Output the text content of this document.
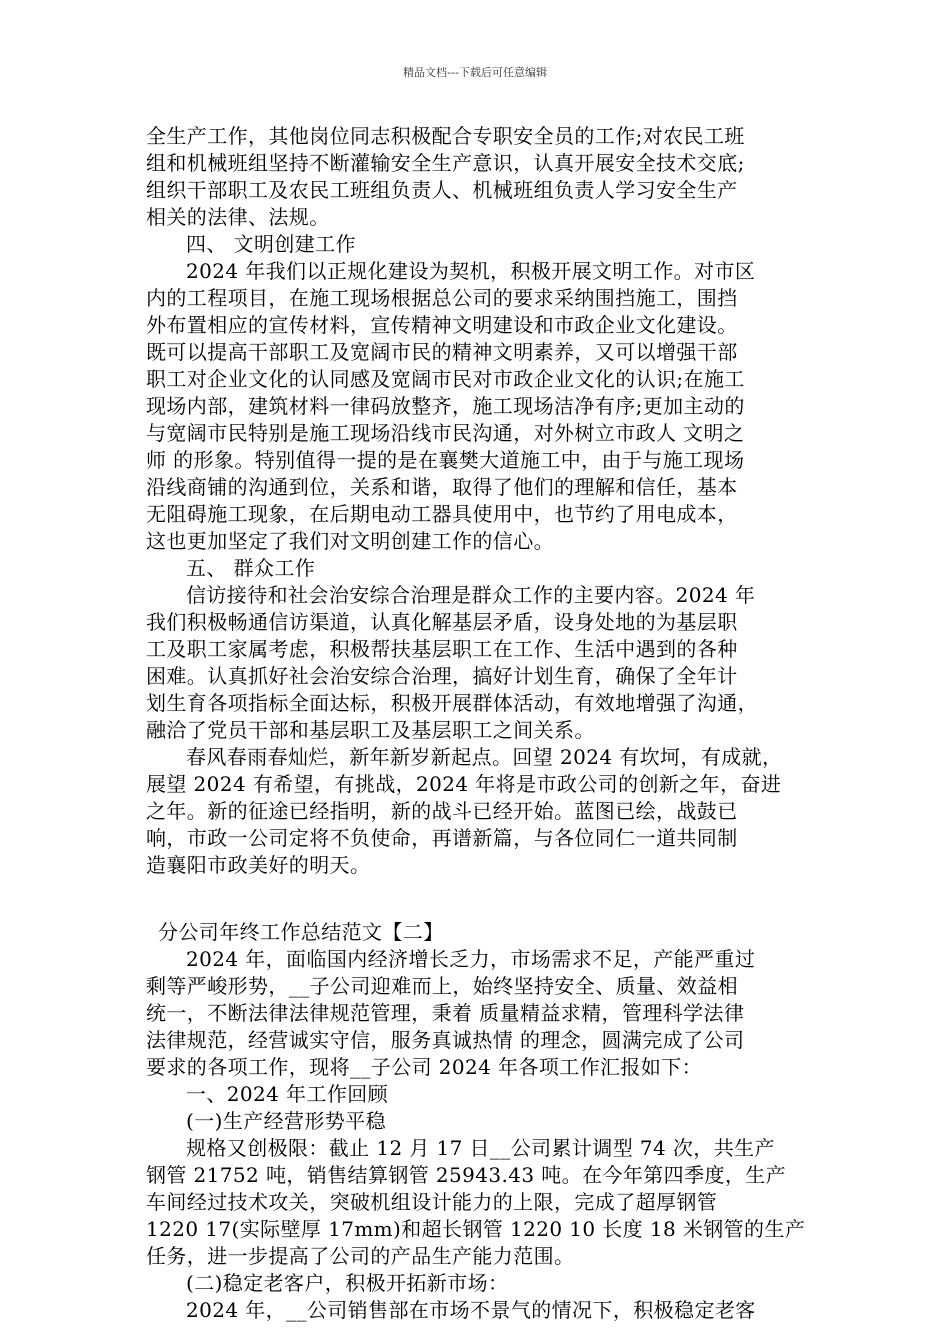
精品文档---下载后可任意编辑
全生产工作，其他岗位同志积极配合专职安全员的工作;对农民工班
组和机械班组坚持不断灌输安全生产意识，认真开展安全技术交底;
组织干部职工及农民工班组负责人、机械班组负责人学习安全生产
相关的法律、法规。
四、 文明创建工作
2024 年我们以正规化建设为契机，积极开展文明工作。对市区
内的工程项目，在施工现场根据总公司的要求采纳围挡施工，围挡
外布置相应的宣传材料，宣传精神文明建设和市政企业文化建设。
既可以提高干部职工及宽阔市民的精神文明素养，又可以增强干部
职工对企业文化的认同感及宽阔市民对市政企业文化的认识;在施工
现场内部，建筑材料一律码放整齐，施工现场洁净有序;更加主动的
与宽阔市民特别是施工现场沿线市民沟通，对外树立市政人 文明之
师 的形象。特别值得一提的是在襄樊大道施工中，由于与施工现场
沿线商铺的沟通到位，关系和谐，取得了他们的理解和信任，基本
无阻碍施工现象，在后期电动工器具使用中，也节约了用电成本，
这也更加坚定了我们对文明创建工作的信心。
五、 群众工作
信访接待和社会治安综合治理是群众工作的主要内容。2024 年
我们积极畅通信访渠道，认真化解基层矛盾，设身处地的为基层职
工及职工家属考虑，积极帮扶基层职工在工作、生活中遇到的各种
困难。认真抓好社会治安综合治理，搞好计划生育，确保了全年计
划生育各项指标全面达标，积极开展群体活动，有效地增强了沟通，
融洽了党员干部和基层职工及基层职工之间关系。
春风春雨春灿烂，新年新岁新起点。回望 2024 有坎坷，有成就，
展望 2024 有希望，有挑战，2024 年将是市政公司的创新之年，奋进
之年。新的征途已经指明，新的战斗已经开始。蓝图已绘，战鼓已
响，市政一公司定将不负使命，再谱新篇，与各位同仁一道共同制
造襄阳市政美好的明天。
分公司年终工作总结范文【二】
2024 年，面临国内经济增长乏力，市场需求不足，产能严重过
剩等严峻形势，__子公司迎难而上，始终坚持安全、质量、效益相
统一，不断法律法律规范管理，秉着 质量精益求精，管理科学法律
法律规范，经营诚实守信，服务真诚热情 的理念，圆满完成了公司
要求的各项工作，现将__子公司 2024 年各项工作汇报如下：
一、2024 年工作回顾
(一)生产经营形势平稳
规格又创极限：截止 12 月 17 日__公司累计调型 74 次，共生产
钢管 21752 吨，销售结算钢管 25943.43 吨。在今年第四季度，生产
车间经过技术攻关，突破机组设计能力的上限，完成了超厚钢管
1220 17(实际壁厚 17mm)和超长钢管 1220 10 长度 18 米钢管的生产
任务，进一步提高了公司的产品生产能力范围。
(二)稳定老客户，积极开拓新市场：
2024 年，__公司销售部在市场不景气的情况下，积极稳定老客
